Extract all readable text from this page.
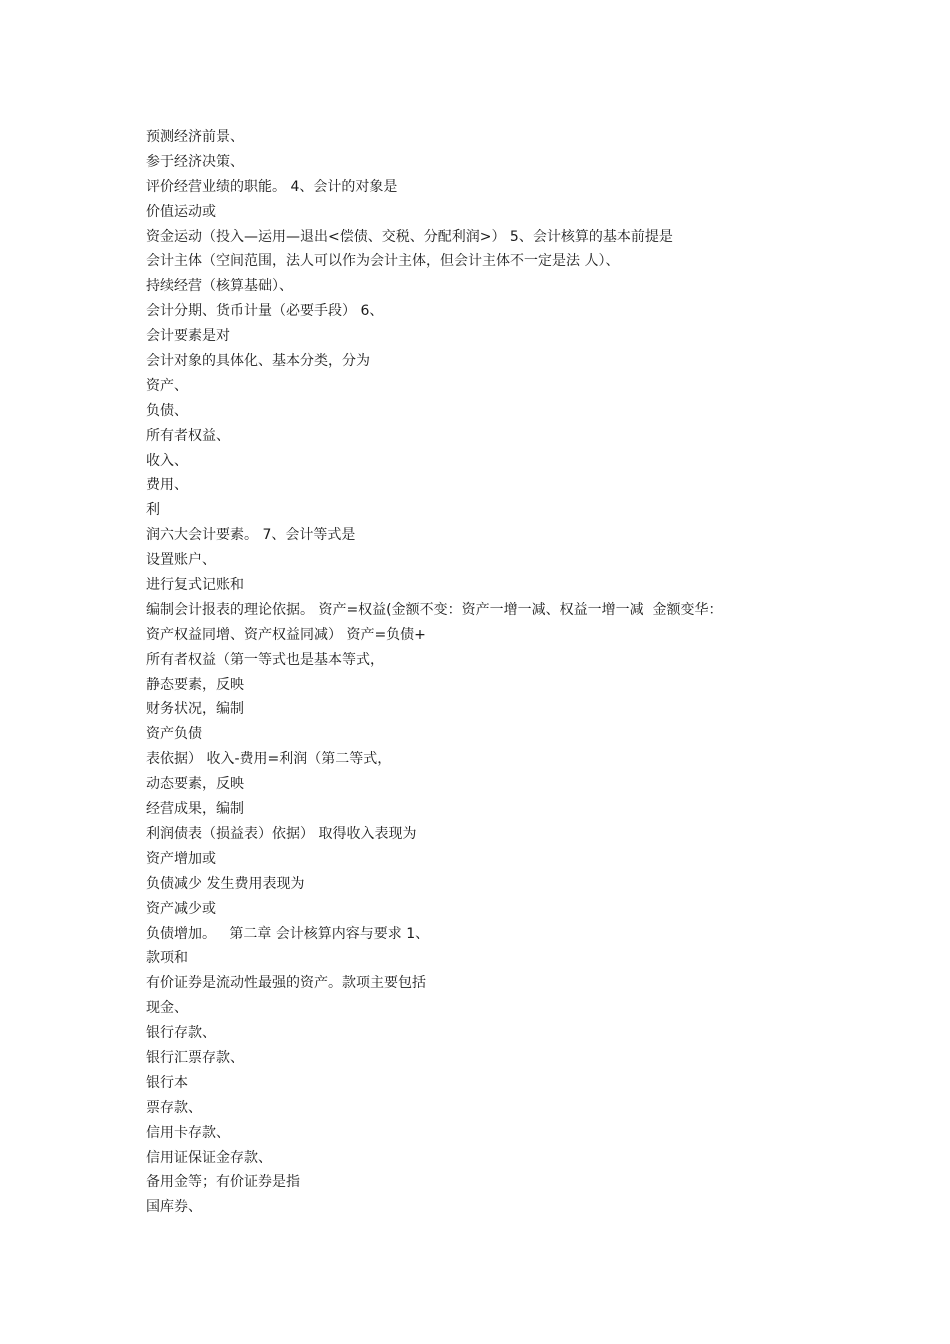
预测经济前景、
参于经济决策、
评价经营业绩的职能。 4、会计的对象是
价值运动或
资金运动（投入—运用—退出<偿债、交税、分配利润>） 5、会计核算的基本前提是
会计主体（空间范围，法人可以作为会计主体，但会计主体不一定是法 人）、
持续经营（核算基础）、
会计分期、货币计量（必要手段） 6、
会计要素是对
会计对象的具体化、基本分类，分为
资产、
负债、
所有者权益、
收入、
费用、
利
润六大会计要素。 7、会计等式是
设置账户、
进行复式记账和
编制会计报表的理论依据。 资产=权益(金额不变：资产一增一减、权益一增一减  金额变华：
资产权益同增、资产权益同减） 资产=负债+
所有者权益（第一等式也是基本等式，
静态要素，反映
财务状况，编制
资产负债
表依据） 收入-费用=利润（第二等式，
动态要素，反映
经营成果，编制
利润债表（损益表）依据） 取得收入表现为
资产增加或
负债减少 发生费用表现为
资产减少或
负债增加。   第二章 会计核算内容与要求 1、
款项和
有价证券是流动性最强的资产。款项主要包括
现金、
银行存款、
银行汇票存款、
银行本
票存款、
信用卡存款、
信用证保证金存款、
备用金等；有价证券是指
国库券、
